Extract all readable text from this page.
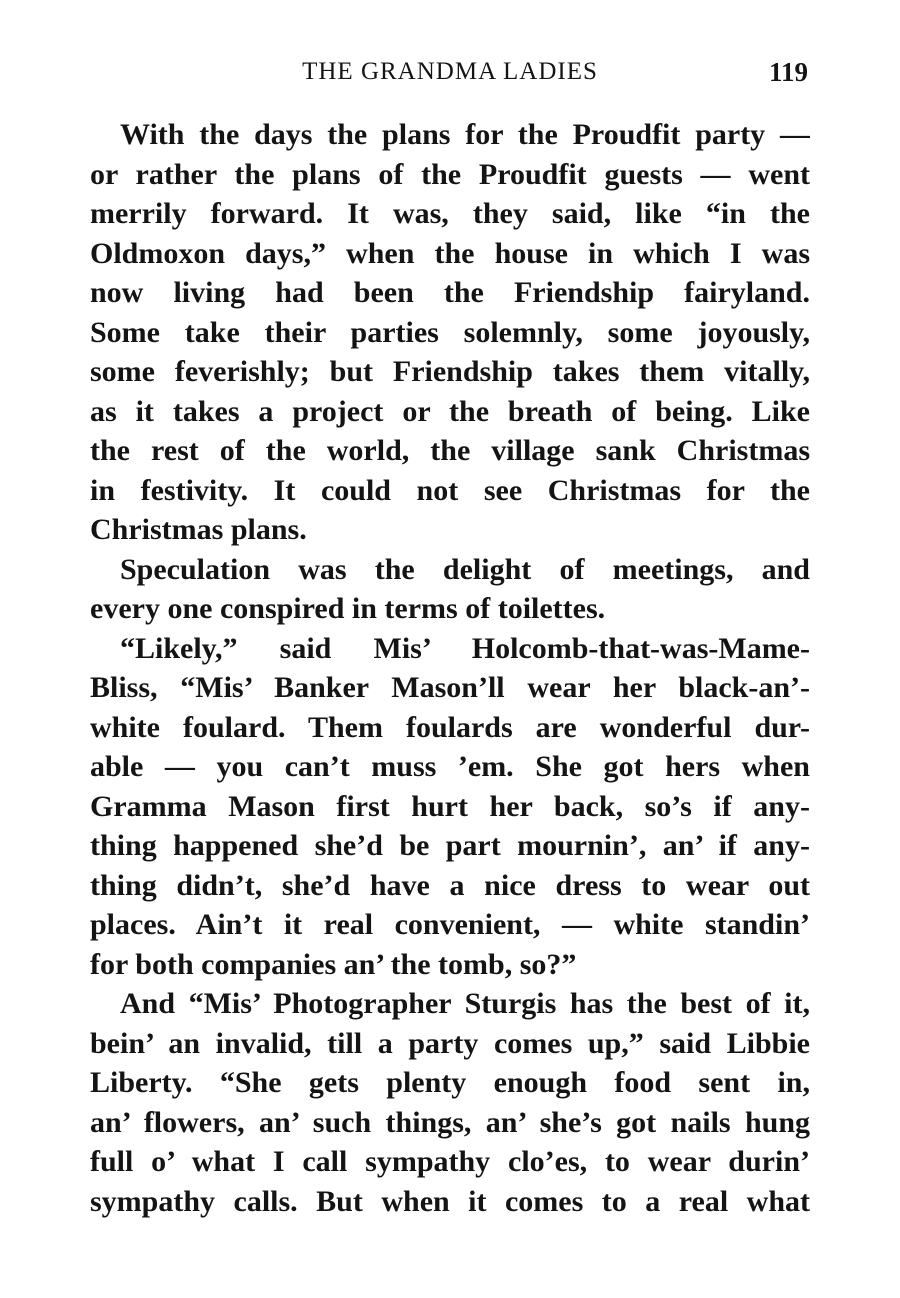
THE GRANDMA LADIES	119
With the days the plans for the Proudfit party —
or rather the plans of the Proudfit guests — went
merrily forward. It was, they said, like “in the
Oldmoxon days,” when the house in which I was
now living had been the Friendship fairyland.
Some take their parties solemnly, some joyously,
some feverishly; but Friendship takes them vitally,
as it takes a project or the breath of being. Like
the rest of the world, the village sank Christmas
in festivity. It could not see Christmas for the
Christmas plans.
Speculation was the delight of meetings, and
every one conspired in terms of toilettes.
“Likely,” said Mis’ Holcomb-that-was-Mame-
Bliss, “Mis’ Banker Mason’ll wear her black-an’-
white foulard. Them foulards are wonderful dur-
able — you can’t muss ’em. She got hers when
Gramma Mason first hurt her back, so’s if any-
thing happened she’d be part mournin’, an’ if any-
thing didn’t, she’d have a nice dress to wear out
places. Ain’t it real convenient, — white standin’
for both companies an’ the tomb, so?”
And “Mis’ Photographer Sturgis has the best of it,
bein’ an invalid, till a party comes up,” said Libbie
Liberty. “She gets plenty enough food sent in,
an’ flowers, an’ such things, an’ she’s got nails hung
full o’ what I call sympathy clo’es, to wear durin’
sympathy calls. But when it comes to a real what
